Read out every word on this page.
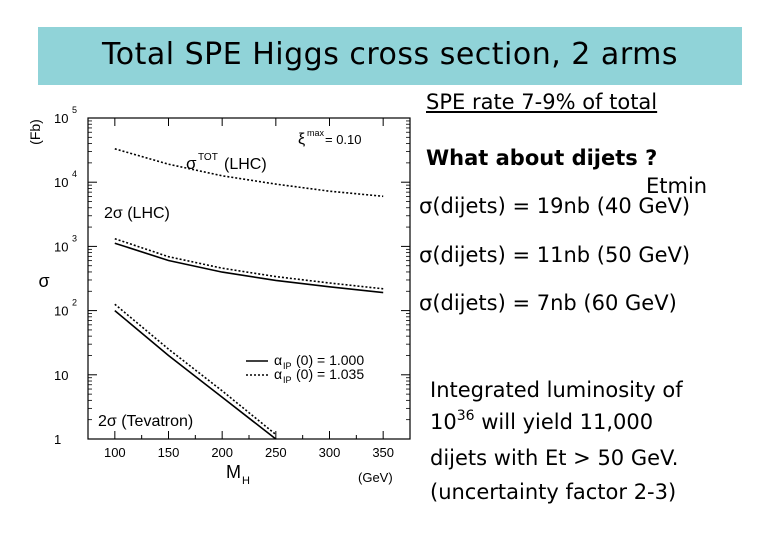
Total SPE Higgs cross section, 2 arms
100 150 200 250 300 350
10
5
10
4
10
3
10
2
10
1
σ
(Fb)
M H	(GeV)
ξ max = 0.10
σ TOT (LHC)
2σ (LHC)
2σ (Tevatron)
α IP (0) = 1.000
α IP (0) = 1.035
SPE rate 7-9% of total
What about dijets ?
Etmin
σ(dijets) = 19nb (40 GeV)
σ(dijets) = 11nb (50 GeV)
σ(dijets) = 7nb (60 GeV)
Integrated luminosity of
$10^{36}$ will yield 11,000
dijets with Et > 50 GeV.
(uncertainty factor 2-3)
